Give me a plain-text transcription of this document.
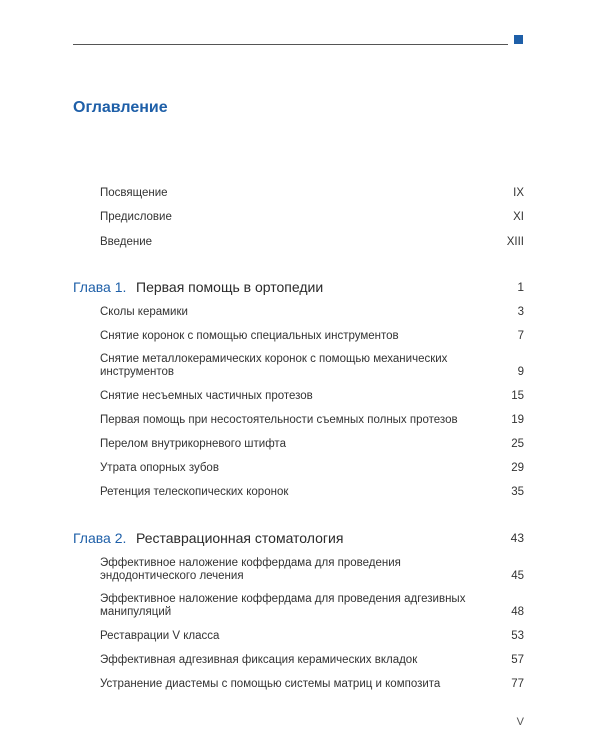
Оглавление
Посвящение	IX
Предисловие	XI
Введение	XIII
Глава 1. Первая помощь в ортопедии	1
Сколы керамики	3
Снятие коронок с помощью специальных инструментов	7
Снятие металлокерамических коронок с помощью механических инструментов	9
Снятие несъемных частичных протезов	15
Первая помощь при несостоятельности съемных полных протезов	19
Перелом внутрикорневого штифта	25
Утрата опорных зубов	29
Ретенция телескопических коронок	35
Глава 2. Реставрационная стоматология	43
Эффективное наложение коффердама для проведения эндодонтического лечения	45
Эффективное наложение коффердама для проведения адгезивных манипуляций	48
Реставрации V класса	53
Эффективная адгезивная фиксация керамических вкладок	57
Устранение диастемы с помощью системы матриц и композита	77
V
